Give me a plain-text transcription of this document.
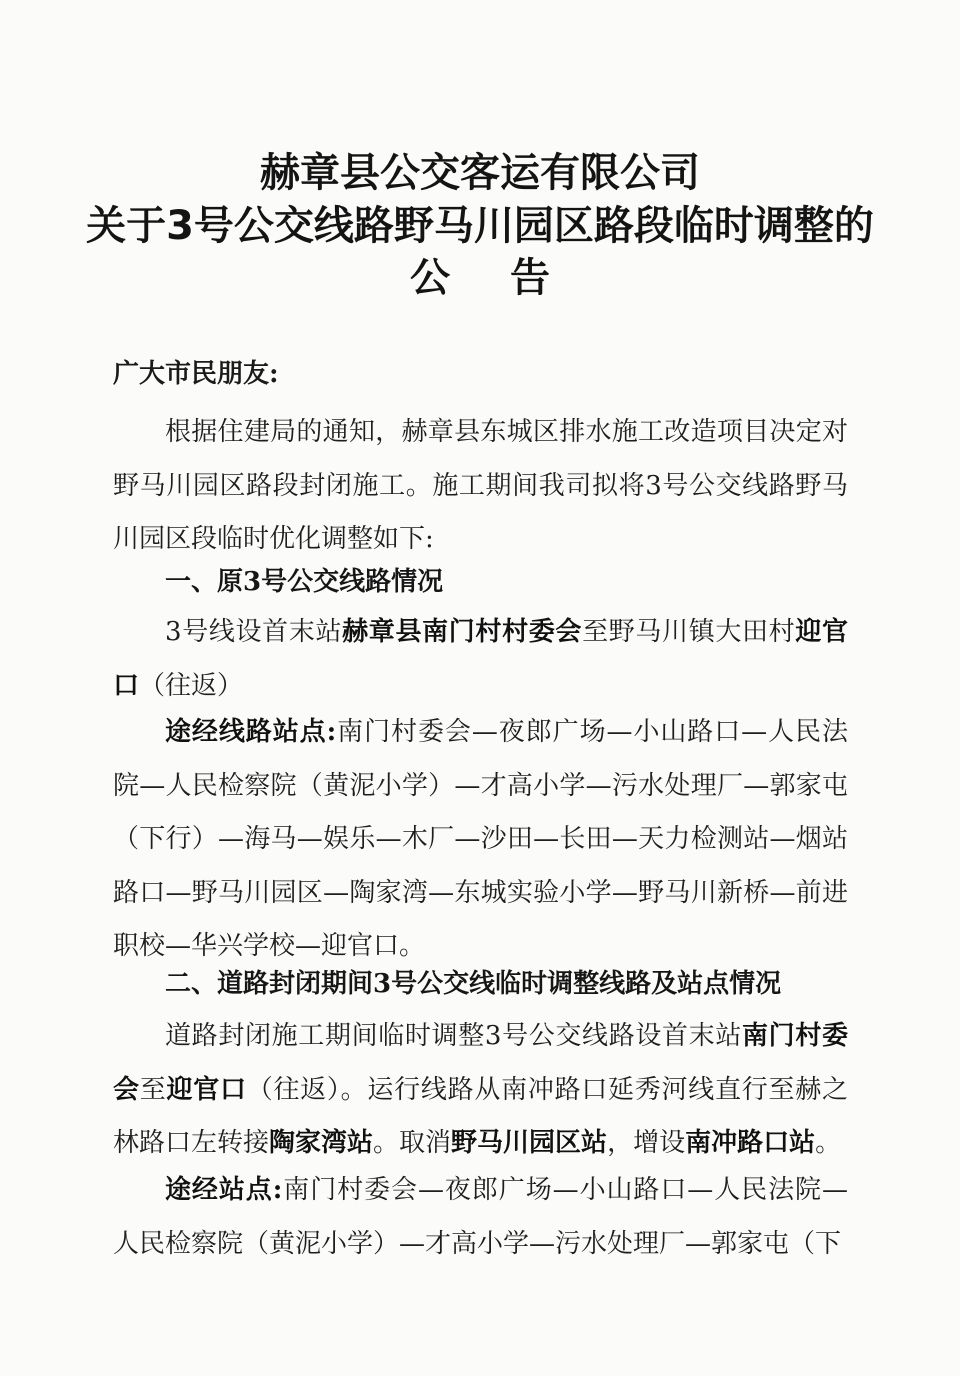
赫章县公交客运有限公司
关于3号公交线路野马川园区路段临时调整的
公告
广大市民朋友:
根据住建局的通知，赫章县东城区排水施工改造项目决定对野马川园区路段封闭施工。施工期间我司拟将3号公交线路野马川园区段临时优化调整如下:
一、原3号公交线路情况
3号线设首末站赫章县南门村村委会至野马川镇大田村迎官口（往返）
途经线路站点:南门村委会—夜郎广场—小山路口—人民法院—人民检察院（黄泥小学）—才高小学—污水处理厂—郭家屯（下行）—海马—娱乐—木厂—沙田—长田—天力检测站—烟站路口—野马川园区—陶家湾—东城实验小学—野马川新桥—前进职校—华兴学校—迎官口。
二、道路封闭期间3号公交线临时调整线路及站点情况
道路封闭施工期间临时调整3号公交线路设首末站南门村委会至迎官口（往返）。运行线路从南冲路口延秀河线直行至赫之林路口左转接陶家湾站。取消野马川园区站，增设南冲路口站。
途经站点:南门村委会—夜郎广场—小山路口—人民法院—人民检察院（黄泥小学）—才高小学—污水处理厂—郭家屯（下
